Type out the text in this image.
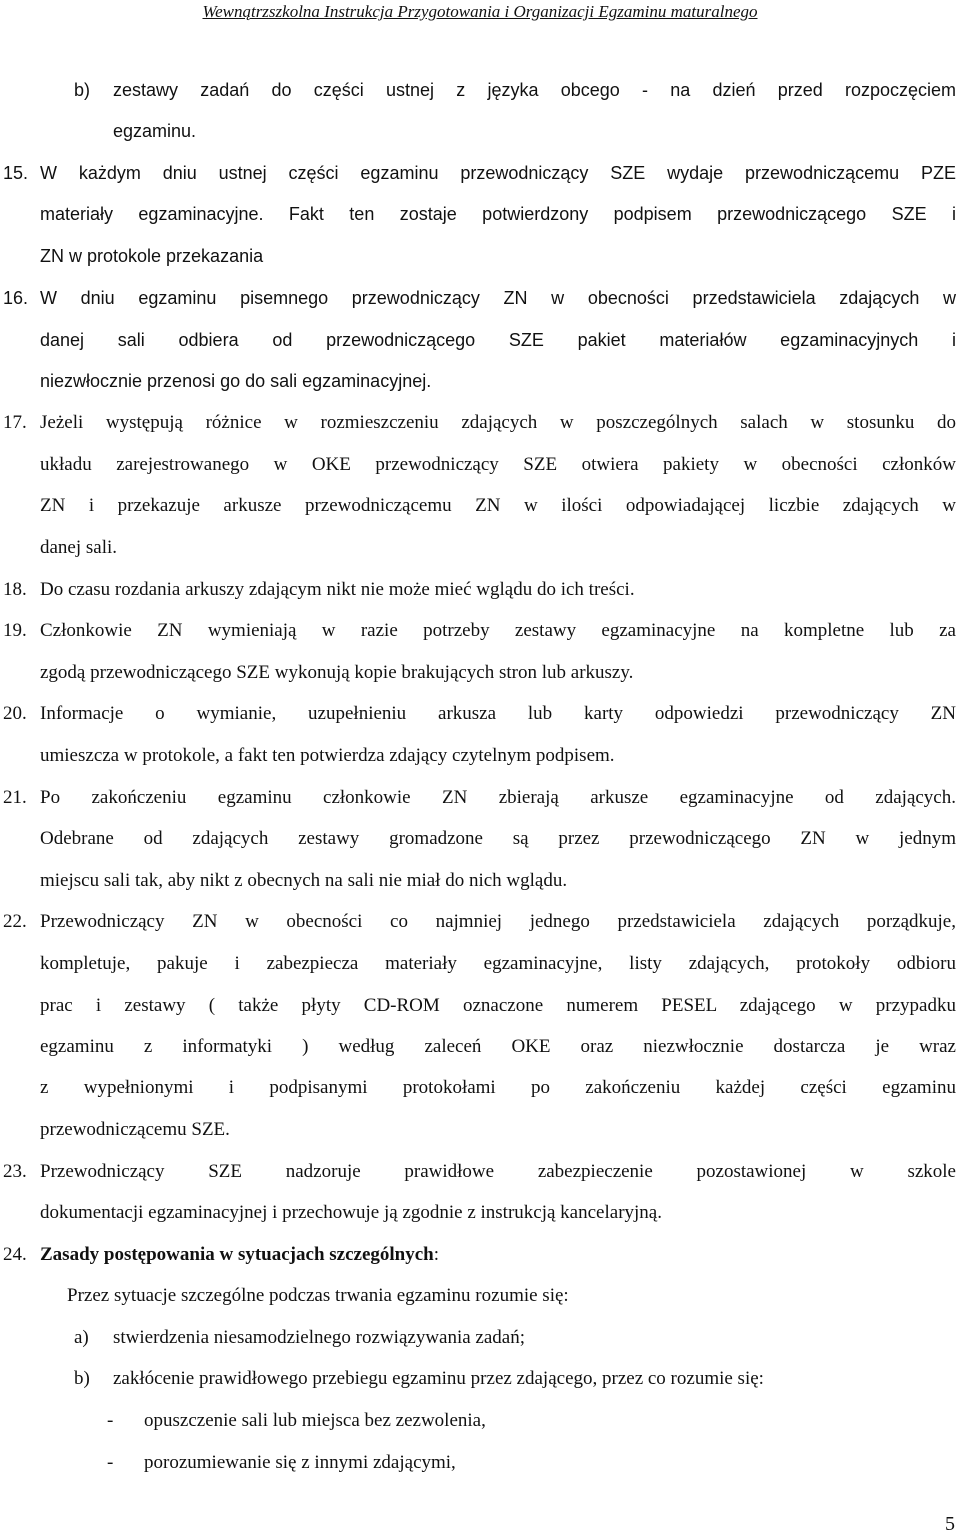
Wewnątrzszkolna Instrukcja Przygotowania i Organizacji Egzaminu maturalnego
b) zestawy zadań do części ustnej z języka obcego - na dzień przed rozpoczęciem
egzaminu.
15. W każdym dniu ustnej części egzaminu przewodniczący SZE wydaje przewodniczącemu PZE
materiały egzaminacyjne. Fakt ten zostaje potwierdzony podpisem przewodniczącego SZE i
ZN w protokole przekazania
16. W dniu egzaminu pisemnego przewodniczący ZN w obecności przedstawiciela zdających w
danej sali odbiera od przewodniczącego SZE pakiet materiałów egzaminacyjnych i
niezwłocznie przenosi go do sali egzaminacyjnej.
17. Jeżeli występują różnice w rozmieszczeniu zdających w poszczególnych salach w stosunku do
układu zarejestrowanego w OKE przewodniczący SZE otwiera pakiety w obecności członków
ZN i przekazuje arkusze przewodniczącemu ZN w ilości odpowiadającej liczbie zdających w
danej sali.
18. Do czasu rozdania arkuszy zdającym nikt nie może mieć wglądu do ich treści.
19. Członkowie ZN wymieniają w razie potrzeby zestawy egzaminacyjne na kompletne lub za
zgodą przewodniczącego SZE wykonują kopie brakujących stron lub arkuszy.
20. Informacje o wymianie, uzupełnieniu arkusza lub karty odpowiedzi przewodniczący ZN
umieszcza w protokole, a fakt ten potwierdza zdający czytelnym podpisem.
21. Po zakończeniu egzaminu członkowie ZN zbierają arkusze egzaminacyjne od zdających.
Odebrane od zdających zestawy gromadzone są przez przewodniczącego ZN w jednym
miejscu sali tak, aby nikt z obecnych na sali nie miał do nich wglądu.
22. Przewodniczący ZN w obecności co najmniej jednego przedstawiciela zdających porządkuje,
kompletuje, pakuje i zabezpiecza materiały egzaminacyjne, listy zdających, protokoły odbioru
prac i zestawy ( także płyty CD-ROM oznaczone numerem PESEL zdającego w przypadku
egzaminu z informatyki ) według zaleceń OKE oraz niezwłocznie dostarcza je wraz
z wypełnionymi i podpisanymi protokołami po zakończeniu każdej części egzaminu
przewodniczącemu SZE.
23. Przewodniczący SZE nadzoruje prawidłowe zabezpieczenie pozostawionej w szkole
dokumentacji egzaminacyjnej i przechowuje ją zgodnie z instrukcją kancelaryjną.
24. Zasady postępowania w sytuacjach szczególnych:
Przez sytuacje szczególne podczas trwania egzaminu rozumie się:
a) stwierdzenia niesamodzielnego rozwiązywania zadań;
b) zakłócenie prawidłowego przebiegu egzaminu przez zdającego, przez co rozumie się:
- opuszczenie sali lub miejsca bez zezwolenia,
- porozumiewanie się z innymi zdającymi,
5
